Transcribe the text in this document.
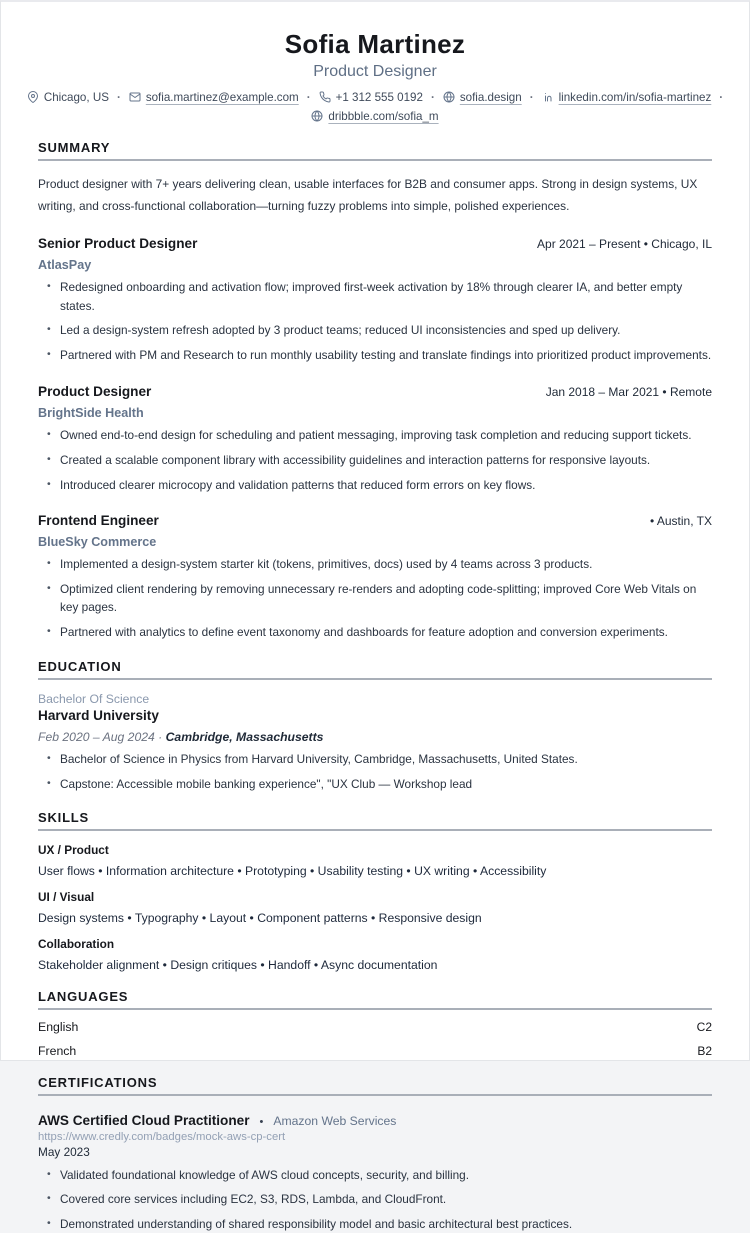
Sofia Martinez
Product Designer
Chicago, US · sofia.martinez@example.com · +1 312 555 0192 · sofia.design · linkedin.com/in/sofia-martinez ·
dribbble.com/sofia_m
SUMMARY
Product designer with 7+ years delivering clean, usable interfaces for B2B and consumer apps. Strong in design systems, UX writing, and cross-functional collaboration—turning fuzzy problems into simple, polished experiences.
Senior Product Designer	Apr 2021 – Present • Chicago, IL
AtlasPay
• Redesigned onboarding and activation flow; improved first-week activation by 18% through clearer IA, and better empty states.
• Led a design-system refresh adopted by 3 product teams; reduced UI inconsistencies and sped up delivery.
• Partnered with PM and Research to run monthly usability testing and translate findings into prioritized product improvements.
Product Designer	Jan 2018 – Mar 2021 • Remote
BrightSide Health
• Owned end-to-end design for scheduling and patient messaging, improving task completion and reducing support tickets.
• Created a scalable component library with accessibility guidelines and interaction patterns for responsive layouts.
• Introduced clearer microcopy and validation patterns that reduced form errors on key flows.
Frontend Engineer	• Austin, TX
BlueSky Commerce
• Implemented a design-system starter kit (tokens, primitives, docs) used by 4 teams across 3 products.
• Optimized client rendering by removing unnecessary re-renders and adopting code-splitting; improved Core Web Vitals on key pages.
• Partnered with analytics to define event taxonomy and dashboards for feature adoption and conversion experiments.
EDUCATION
Bachelor Of Science
Harvard University
Feb 2020 – Aug 2024 · Cambridge, Massachusetts
• Bachelor of Science in Physics from Harvard University, Cambridge, Massachusetts, United States.
• Capstone: Accessible mobile banking experience", "UX Club — Workshop lead
SKILLS
UX / Product
User flows • Information architecture • Prototyping • Usability testing • UX writing • Accessibility
UI / Visual
Design systems • Typography • Layout • Component patterns • Responsive design
Collaboration
Stakeholder alignment • Design critiques • Handoff • Async documentation
LANGUAGES
English	C2
French	B2
CERTIFICATIONS
AWS Certified Cloud Practitioner • Amazon Web Services
https://www.credly.com/badges/mock-aws-cp-cert
May 2023
• Validated foundational knowledge of AWS cloud concepts, security, and billing.
• Covered core services including EC2, S3, RDS, Lambda, and CloudFront.
• Demonstrated understanding of shared responsibility model and basic architectural best practices.
